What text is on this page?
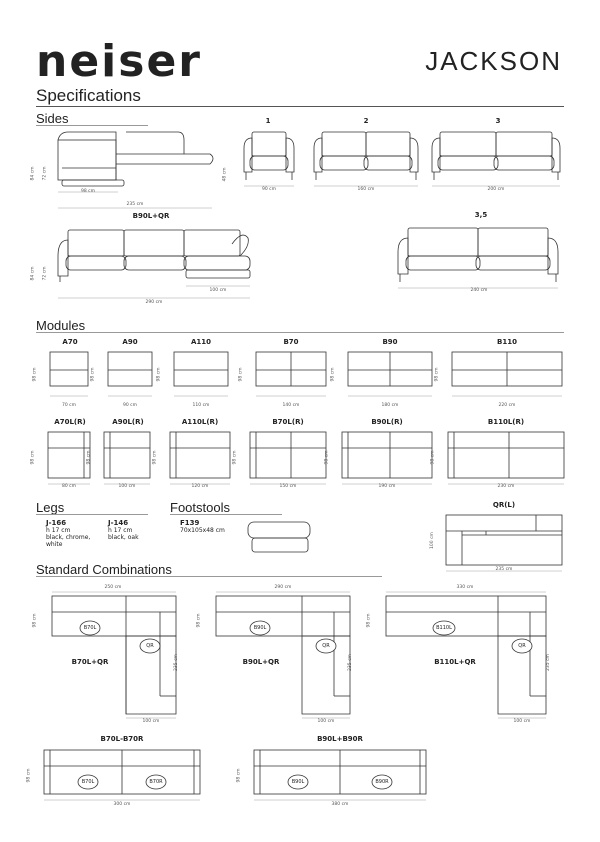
neiser	JACKSON
Specifications
Sides
84 cm 72 cm
98 cm
235 cm
B90L+QR
1
48 cm
90 cm
2
160 cm
3
200 cm
84 cm 72 cm
100 cm
290 cm
3,5
240 cm
Modules
A70
98 cm
70 cm
A90
98 cm
90 cm
A110
98 cm
110 cm
B70
98 cm
140 cm
B90
98 cm
180 cm
B110
98 cm
220 cm
A70L(R)
98 cm
80 cm
A90L(R)
98 cm
100 cm
A110L(R)
98 cm
120 cm
B70L(R)
98 cm
150 cm
B90L(R)
98 cm
190 cm
B110L(R)
98 cm
230 cm
Legs
J-166
h 17 cm
black, chrome,
white
J-146
h 17 cm
black, oak
Footstools
F139
70x105x48 cm
QR(L)
100 cm
235 cm
Standard Combinations
250 cm
B70L
QR
98 cm
235 cm
100 cm
B70L+QR
290 cm
B90L
QR
98 cm
235 cm
100 cm
B90L+QR
330 cm
B110L
QR
98 cm
235 cm
100 cm
B110L+QR
B70L-B70R
B70L	B70R
98 cm
300 cm
B90L+B90R
B90L	B90R
98 cm
380 cm
